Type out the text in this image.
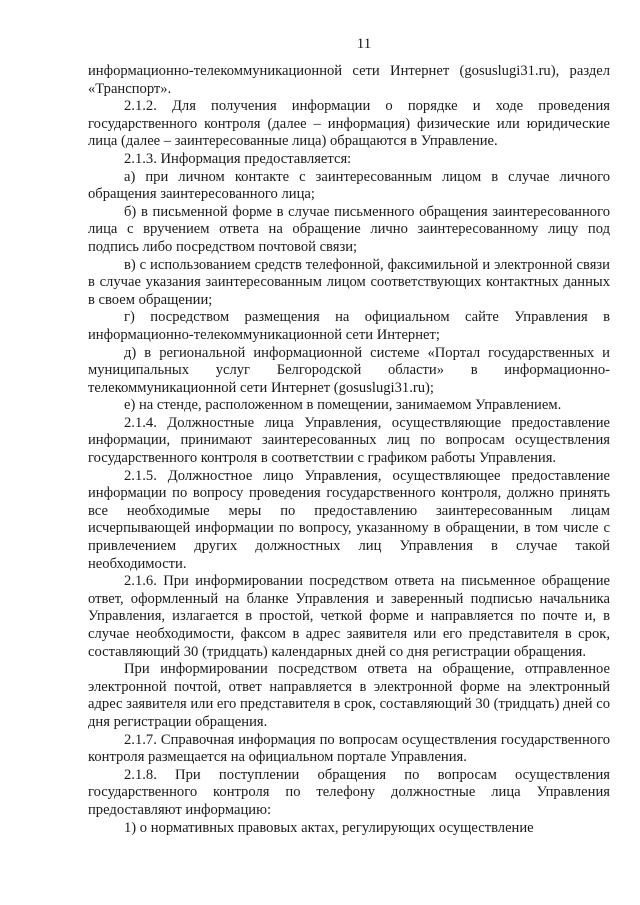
11

информационно-телекоммуникационной сети Интернет (gosuslugi31.ru), раздел «Транспорт».

2.1.2. Для получения информации о порядке и ходе проведения государственного контроля (далее – информация) физические или юридические лица (далее – заинтересованные лица) обращаются в Управление.

2.1.3. Информация предоставляется:

а) при личном контакте с заинтересованным лицом в случае личного обращения заинтересованного лица;

б) в письменной форме в случае письменного обращения заинтересованного лица с вручением ответа на обращение лично заинтересованному лицу под подпись либо посредством почтовой связи;

в) с использованием средств телефонной, факсимильной и электронной связи в случае указания заинтересованным лицом соответствующих контактных данных в своем обращении;

г) посредством размещения на официальном сайте Управления в информационно-телекоммуникационной сети Интернет;

д) в региональной информационной системе «Портал государственных и муниципальных услуг Белгородской области» в информационно-телекоммуникационной сети Интернет (gosuslugi31.ru);

е) на стенде, расположенном в помещении, занимаемом Управлением.

2.1.4. Должностные лица Управления, осуществляющие предоставление информации, принимают заинтересованных лиц по вопросам осуществления государственного контроля в соответствии с графиком работы Управления.

2.1.5. Должностное лицо Управления, осуществляющее предоставление информации по вопросу проведения государственного контроля, должно принять все необходимые меры по предоставлению заинтересованным лицам исчерпывающей информации по вопросу, указанному в обращении, в том числе с привлечением других должностных лиц Управления в случае такой необходимости.

2.1.6. При информировании посредством ответа на письменное обращение ответ, оформленный на бланке Управления и заверенный подписью начальника Управления, излагается в простой, четкой форме и направляется по почте и, в случае необходимости, факсом в адрес заявителя или его представителя в срок, составляющий 30 (тридцать) календарных дней со дня регистрации обращения.

При информировании посредством ответа на обращение, отправленное электронной почтой, ответ направляется в электронной форме на электронный адрес заявителя или его представителя в срок, составляющий 30 (тридцать) дней со дня регистрации обращения.

2.1.7. Справочная информация по вопросам осуществления государственного контроля размещается на официальном портале Управления.

2.1.8. При поступлении обращения по вопросам осуществления государственного контроля по телефону должностные лица Управления предоставляют информацию:

1) о нормативных правовых актах, регулирующих осуществление
